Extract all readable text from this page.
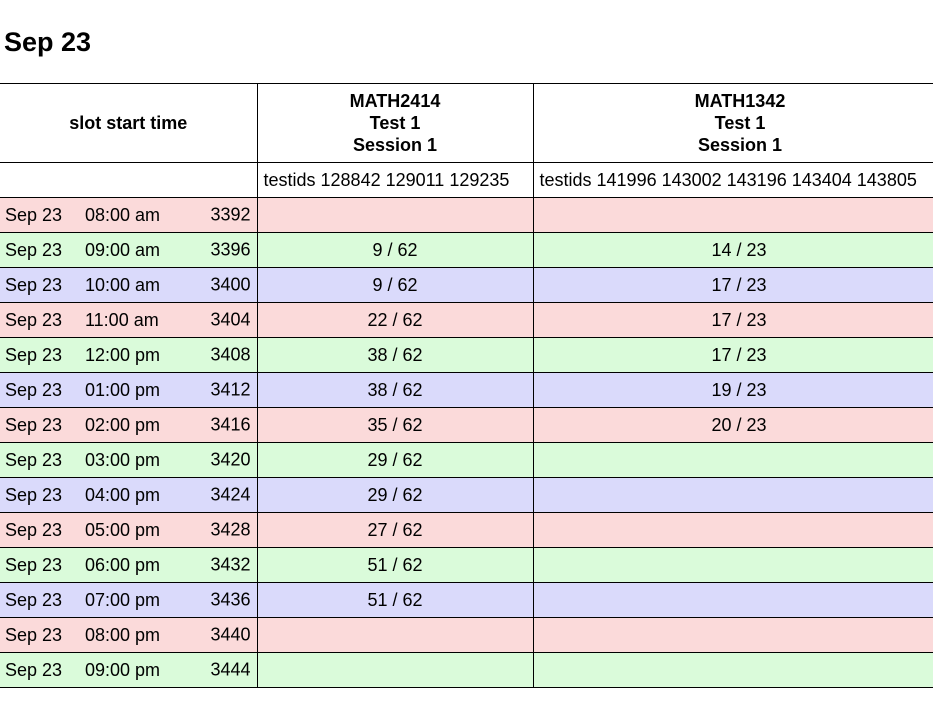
Sep 23
slot start time	MATH2414
Test 1
Session 1	MATH1342
Test 1
Session 1

	testids 128842 129011 129235	testids 141996 143002 143196 143404 143805
Sep 23 08:00 am 3392		

Sep 23 09:00 am 3396	9 / 62	14 / 23
Sep 23 10:00 am 3400	9 / 62	17 / 23
Sep 23 11:00 am 3404	22 / 62	17 / 23
Sep 23 12:00 pm 3408	38 / 62	17 / 23
Sep 23 01:00 pm 3412	38 / 62	19 / 23
Sep 23 02:00 pm 3416	35 / 62	20 / 23
Sep 23 03:00 pm 3420	29 / 62	
Sep 23 04:00 pm 3424	29 / 62	
Sep 23 05:00 pm 3428	27 / 62	
Sep 23 06:00 pm 3432	51 / 62	
Sep 23 07:00 pm 3436	51 / 62	
Sep 23 08:00 pm 3440		

Sep 23 09:00 pm 3444		
